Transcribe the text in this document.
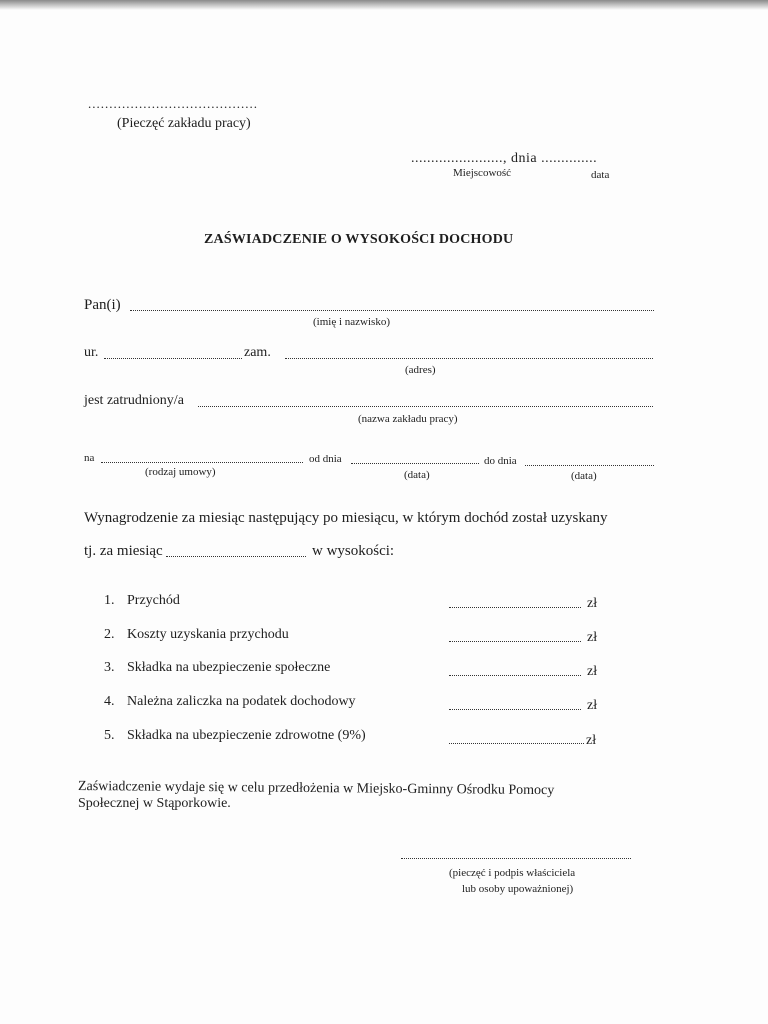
........................................
(Pieczęć zakładu pracy)
......................., dnia ..............
Miejscowość	data
ZAŚWIADCZENIE O WYSOKOŚCI DOCHODU
Pan(i)
(imię i nazwisko)
ur.	zam.
(adres)
jest zatrudniony/a
(nazwa zakładu pracy)
na	od dnia	do dnia
(rodzaj umowy)	(data)	(data)
Wynagrodzenie za miesiąc następujący po miesiącu, w którym dochód został uzyskany
tj. za miesiąc	w wysokości:
1. Przychód	zł
2. Koszty uzyskania przychodu	zł
3. Składka na ubezpieczenie społeczne	zł
4. Należna zaliczka na podatek dochodowy	zł
5. Składka na ubezpieczenie zdrowotne (9%)	zł
Zaświadczenie wydaje się w celu przedłożenia w Miejsko-Gminny Ośrodku Pomocy
Społecznej w Stąporkowie.
(pieczęć i podpis właściciela
lub osoby upoważnionej)
